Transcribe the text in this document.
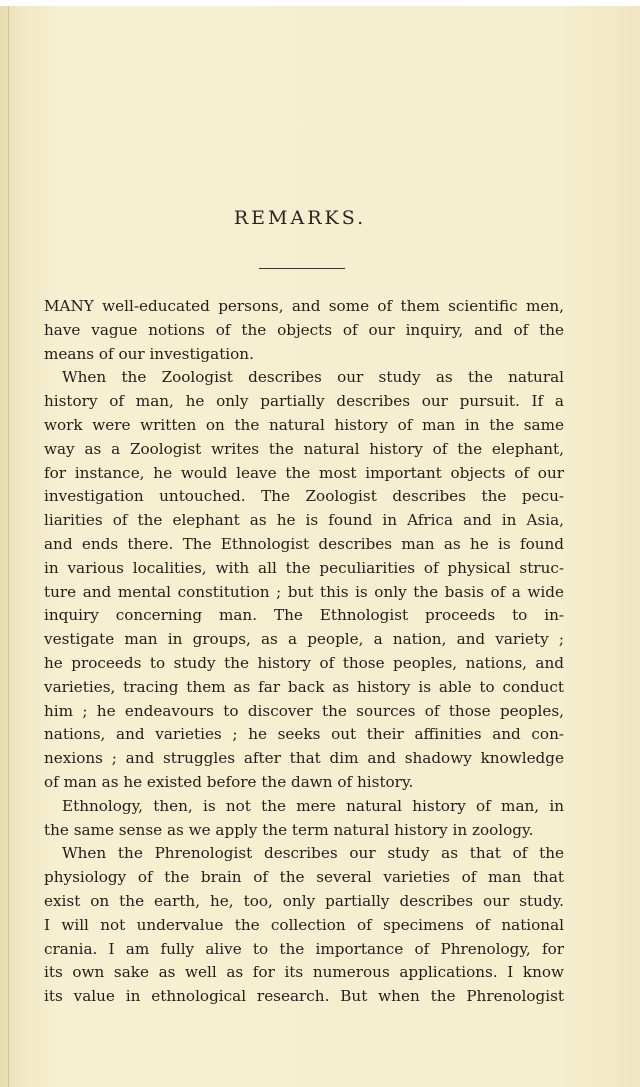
REMARKS.
MANY well-educated persons, and some of them scientific men,
have vague notions of the objects of our inquiry, and of the
means of our investigation.
When the Zoologist describes our study as the natural
history of man, he only partially describes our pursuit. If a
work were written on the natural history of man in the same
way as a Zoologist writes the natural history of the elephant,
for instance, he would leave the most important objects of our
investigation untouched. The Zoologist describes the pecu-
liarities of the elephant as he is found in Africa and in Asia,
and ends there. The Ethnologist describes man as he is found
in various localities, with all the peculiarities of physical struc-
ture and mental constitution ; but this is only the basis of a wide
inquiry concerning man. The Ethnologist proceeds to in-
vestigate man in groups, as a people, a nation, and variety ;
he proceeds to study the history of those peoples, nations, and
varieties, tracing them as far back as history is able to conduct
him ; he endeavours to discover the sources of those peoples,
nations, and varieties ; he seeks out their affinities and con-
nexions ; and struggles after that dim and shadowy knowledge
of man as he existed before the dawn of history.
Ethnology, then, is not the mere natural history of man, in
the same sense as we apply the term natural history in zoology.
When the Phrenologist describes our study as that of the
physiology of the brain of the several varieties of man that
exist on the earth, he, too, only partially describes our study.
I will not undervalue the collection of specimens of national
crania. I am fully alive to the importance of Phrenology, for
its own sake as well as for its numerous applications. I know
its value in ethnological research. But when the Phrenologist
